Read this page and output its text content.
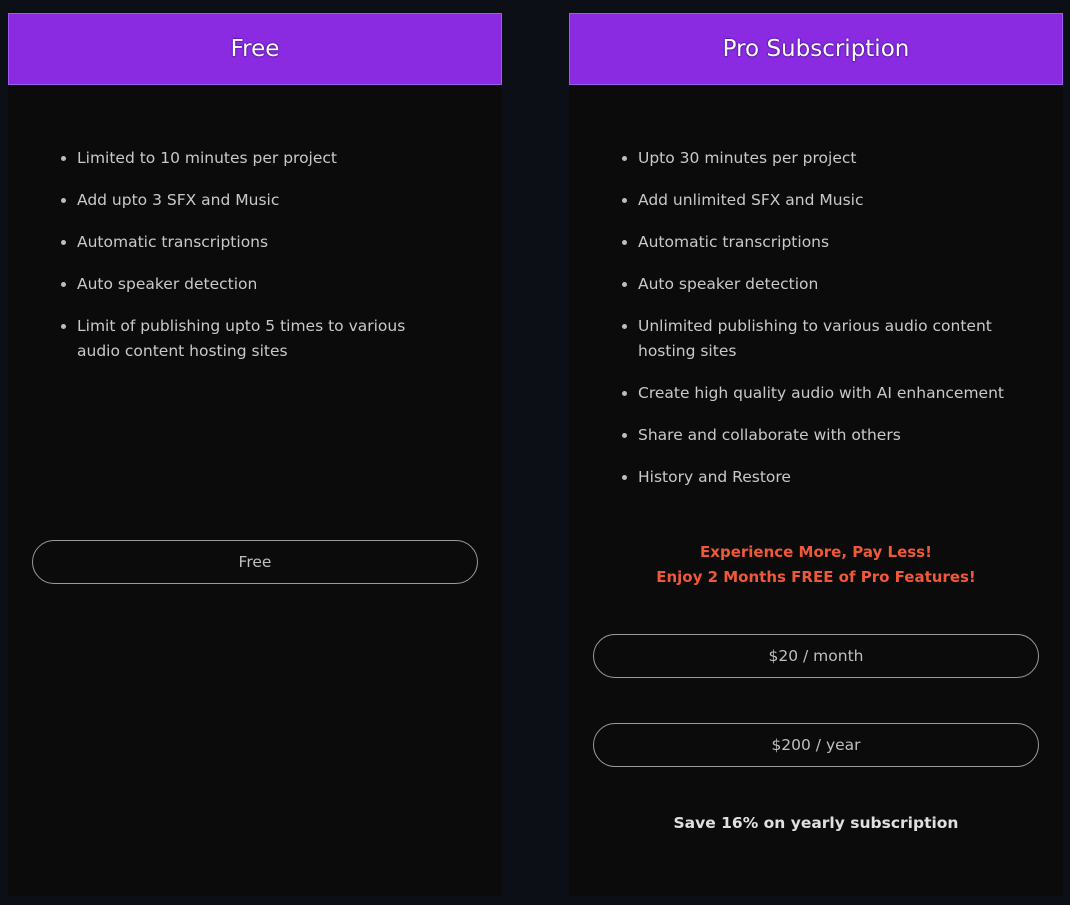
Free
Limited to 10 minutes per project
Add upto 3 SFX and Music
Automatic transcriptions
Auto speaker detection
Limit of publishing upto 5 times to various audio content hosting sites
Free
Pro Subscription
Upto 30 minutes per project
Add unlimited SFX and Music
Automatic transcriptions
Auto speaker detection
Unlimited publishing to various audio content hosting sites
Create high quality audio with AI enhancement
Share and collaborate with others
History and Restore
Experience More, Pay Less!
Enjoy 2 Months FREE of Pro Features!
$20 / month
$200 / year
Save 16% on yearly subscription
